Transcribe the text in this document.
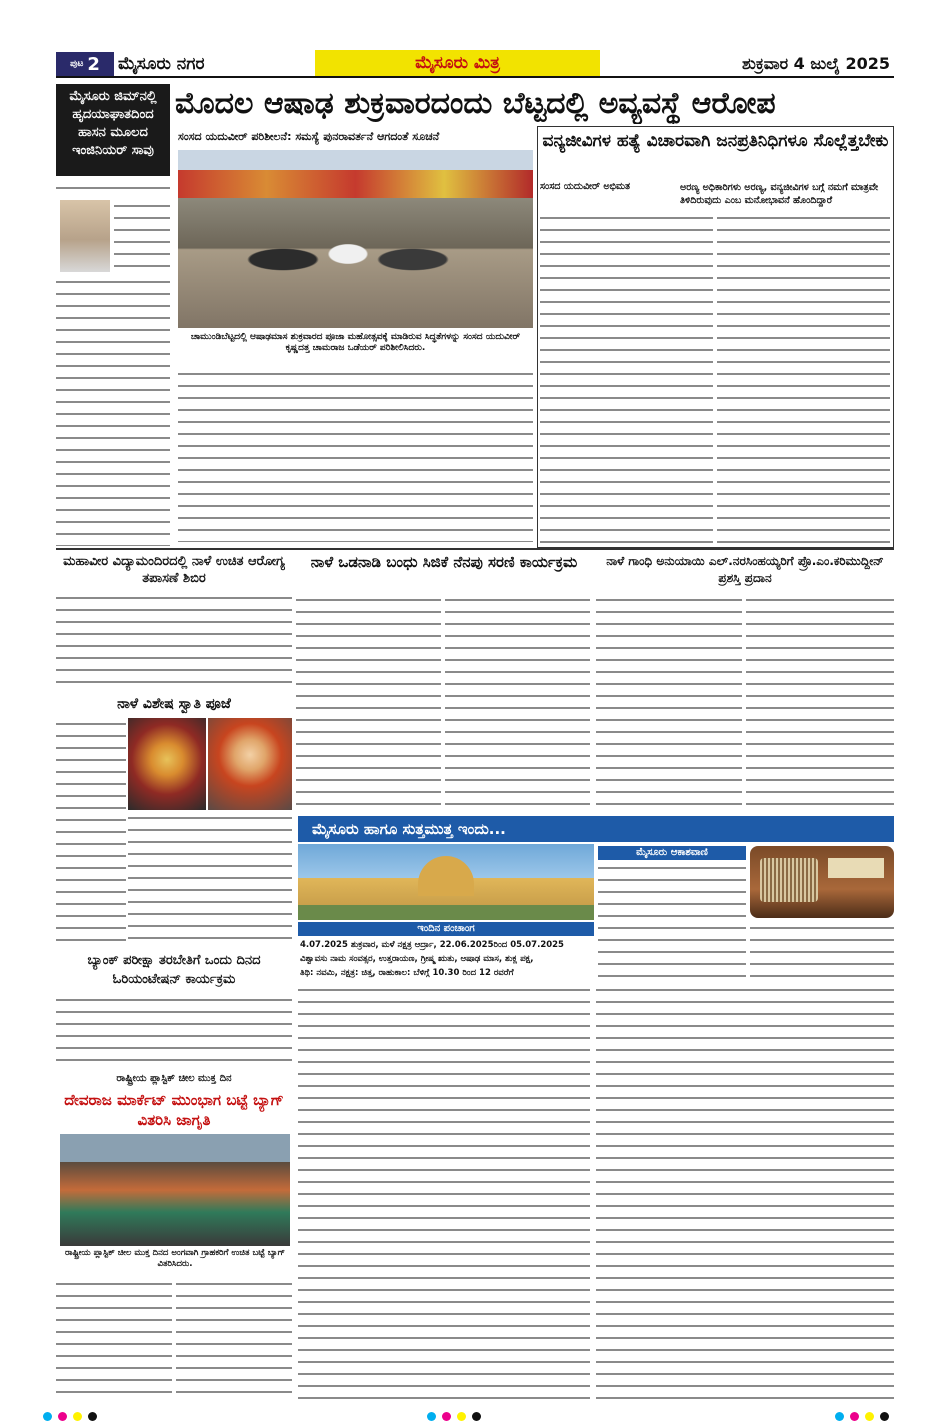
ಪುಟ 2 ಮೈಸೂರು ನಗರ	ಮೈಸೂರು ಮಿತ್ರ	ಶುಕ್ರವಾರ 4 ಜುಲೈ 2025
ಮೈಸೂರು ಜಿಮ್‌ನಲ್ಲಿ ಹೃದಯಾಘಾತದಿಂದ ಹಾಸನ ಮೂಲದ ಇಂಜಿನಿಯರ್ ಸಾವು
ಮೊದಲ ಆಷಾಢ ಶುಕ್ರವಾರದಂದು ಬೆಟ್ಟದಲ್ಲಿ ಅವ್ಯವಸ್ಥೆ ಆರೋಪ
ಸಂಸದ ಯದುವೀರ್ ಪರಿಶೀಲನೆ: ಸಮಸ್ಯೆ ಪುನರಾವರ್ತನೆ ಆಗದಂತೆ ಸೂಚನೆ
ಚಾಮುಂಡಿಬೆಟ್ಟದಲ್ಲಿ ಆಷಾಢಮಾಸ ಶುಕ್ರವಾರದ ಪೂಜಾ ಮಹೋತ್ಸವಕ್ಕೆ ಮಾಡಿರುವ ಸಿದ್ಧತೆಗಳನ್ನು ಸಂಸದ ಯದುವೀರ್ ಕೃಷ್ಣದತ್ತ ಚಾಮರಾಜ ಒಡೆಯರ್ ಪರಿಶೀಲಿಸಿದರು.
ವನ್ಯಜೀವಿಗಳ ಹತ್ಯೆ ವಿಚಾರವಾಗಿ ಜನಪ್ರತಿನಿಧಿಗಳೂ ಸೊಲ್ಲೆತ್ತಬೇಕು
ಸಂಸದ ಯದುವೀರ್ ಅಭಿಮತ	ಅರಣ್ಯ ಅಧಿಕಾರಿಗಳು ಅರಣ್ಯ, ವನ್ಯಜೀವಿಗಳ ಬಗ್ಗೆ ನಮಗೆ ಮಾತ್ರವೇ ತಿಳಿದಿರುವುದು ಎಂಬ ಮನೋಭಾವನೆ ಹೊಂದಿದ್ದಾರೆ
ಮಹಾವೀರ ವಿದ್ಯಾಮಂದಿರದಲ್ಲಿ ನಾಳೆ ಉಚಿತ ಆರೋಗ್ಯ ತಪಾಸಣೆ ಶಿಬಿರ
ನಾಳೆ ಒಡನಾಡಿ ಬಂಧು ಸಿಜಿಕೆ ನೆನಪು ಸರಣಿ ಕಾರ್ಯಕ್ರಮ	ನಾಳೆ ಗಾಂಧಿ ಅನುಯಾಯಿ ಎಲ್.ನರಸಿಂಹಯ್ಯರಿಗೆ ಪ್ರೊ.ಎಂ.ಕರಿಮುದ್ದೀನ್ ಪ್ರಶಸ್ತಿ ಪ್ರದಾನ
ನಾಳೆ ವಿಶೇಷ ಸ್ವಾತಿ ಪೂಜೆ
ಬ್ಯಾಂಕ್ ಪರೀಕ್ಷಾ ತರಬೇತಿಗೆ ಒಂದು ದಿನದ ಓರಿಯಂಟೇಷನ್ ಕಾರ್ಯಕ್ರಮ
ರಾಷ್ಟ್ರೀಯ ಪ್ಲಾಸ್ಟಿಕ್ ಚೀಲ ಮುಕ್ತ ದಿನ
ದೇವರಾಜ ಮಾರ್ಕೆಟ್ ಮುಂಭಾಗ ಬಟ್ಟೆ ಬ್ಯಾಗ್ ವಿತರಿಸಿ ಜಾಗೃತಿ
ರಾಷ್ಟ್ರೀಯ ಪ್ಲಾಸ್ಟಿಕ್ ಚೀಲ ಮುಕ್ತ ದಿನದ ಅಂಗವಾಗಿ ಗ್ರಾಹಕರಿಗೆ ಉಚಿತ ಬಟ್ಟೆ ಬ್ಯಾಗ್ ವಿತರಿಸಿದರು.
ಮೈಸೂರು ಹಾಗೂ ಸುತ್ತಮುತ್ತ ಇಂದು...
ಇಂದಿನ ಪಂಚಾಂಗ
4.07.2025 ಶುಕ್ರವಾರ, ಮಳೆ ನಕ್ಷತ್ರ ಆರ್ದ್ರಾ, 22.06.2025ರಿಂದ 05.07.2025
ವಿಶ್ವಾವಸು ನಾಮ ಸಂವತ್ಸರ, ಉತ್ತರಾಯಣ, ಗ್ರೀಷ್ಮ ಋತು, ಆಷಾಢ ಮಾಸ, ಶುಕ್ಲ ಪಕ್ಷ,
ತಿಥಿ: ನವಮಿ, ನಕ್ಷತ್ರ: ಚಿತ್ತ, ರಾಹುಕಾಲ: ಬೆಳಿಗ್ಗೆ 10.30 ರಿಂದ 12 ರವರೆಗೆ
ಮೈಸೂರು ಆಕಾಶವಾಣಿ
